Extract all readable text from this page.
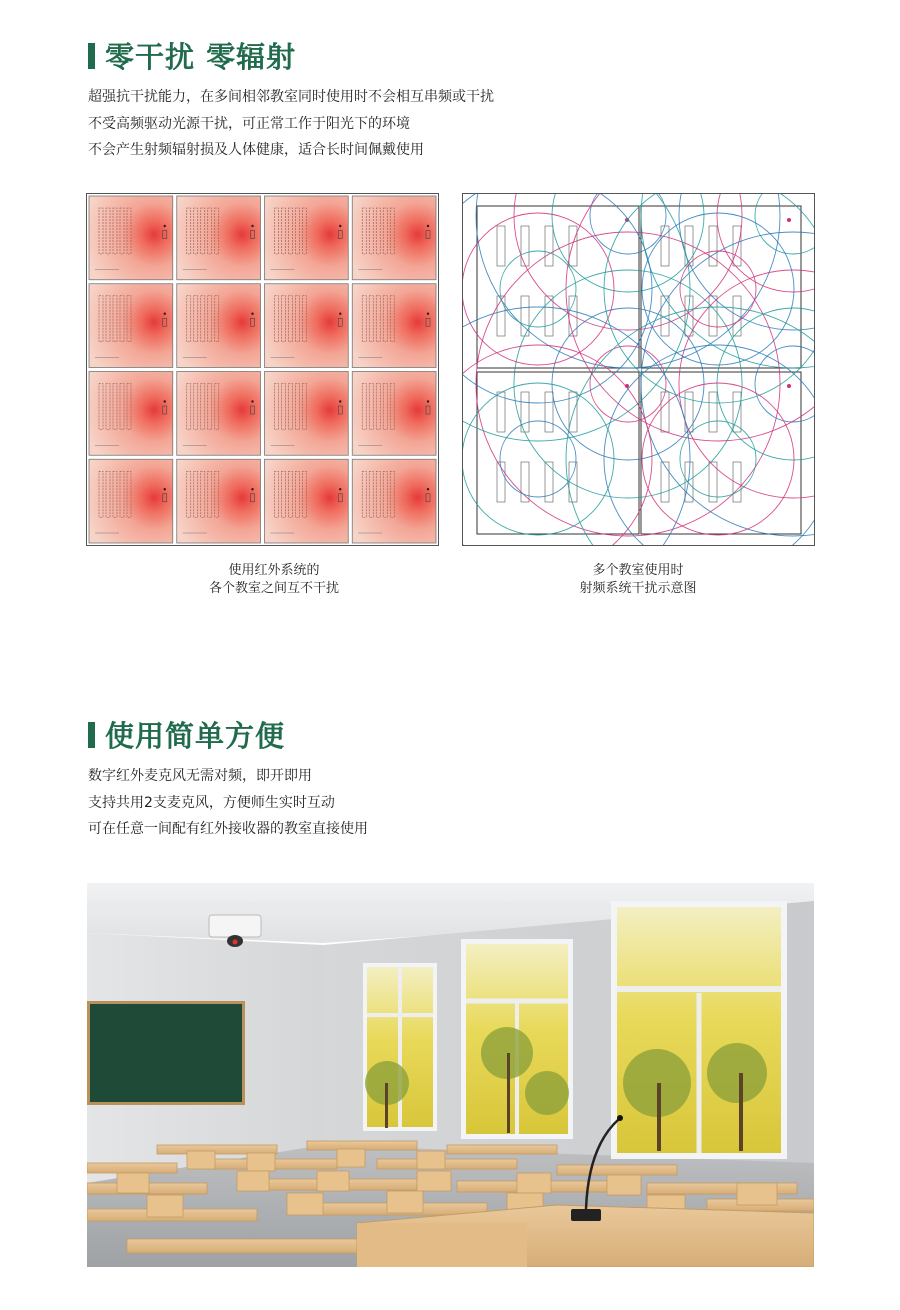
零干扰 零辐射
超强抗干扰能力，在多间相邻教室同时使用时不会相互串频或干扰
不受高频驱动光源干扰，可正常工作于阳光下的环境
不会产生射频辐射损及人体健康，适合长时间佩戴使用
使用红外系统的
各个教室之间互不干扰
多个教室使用时
射频系统干扰示意图
使用简单方便
数字红外麦克风无需对频，即开即用
支持共用2支麦克风，方便师生实时互动
可在任意一间配有红外接收器的教室直接使用
